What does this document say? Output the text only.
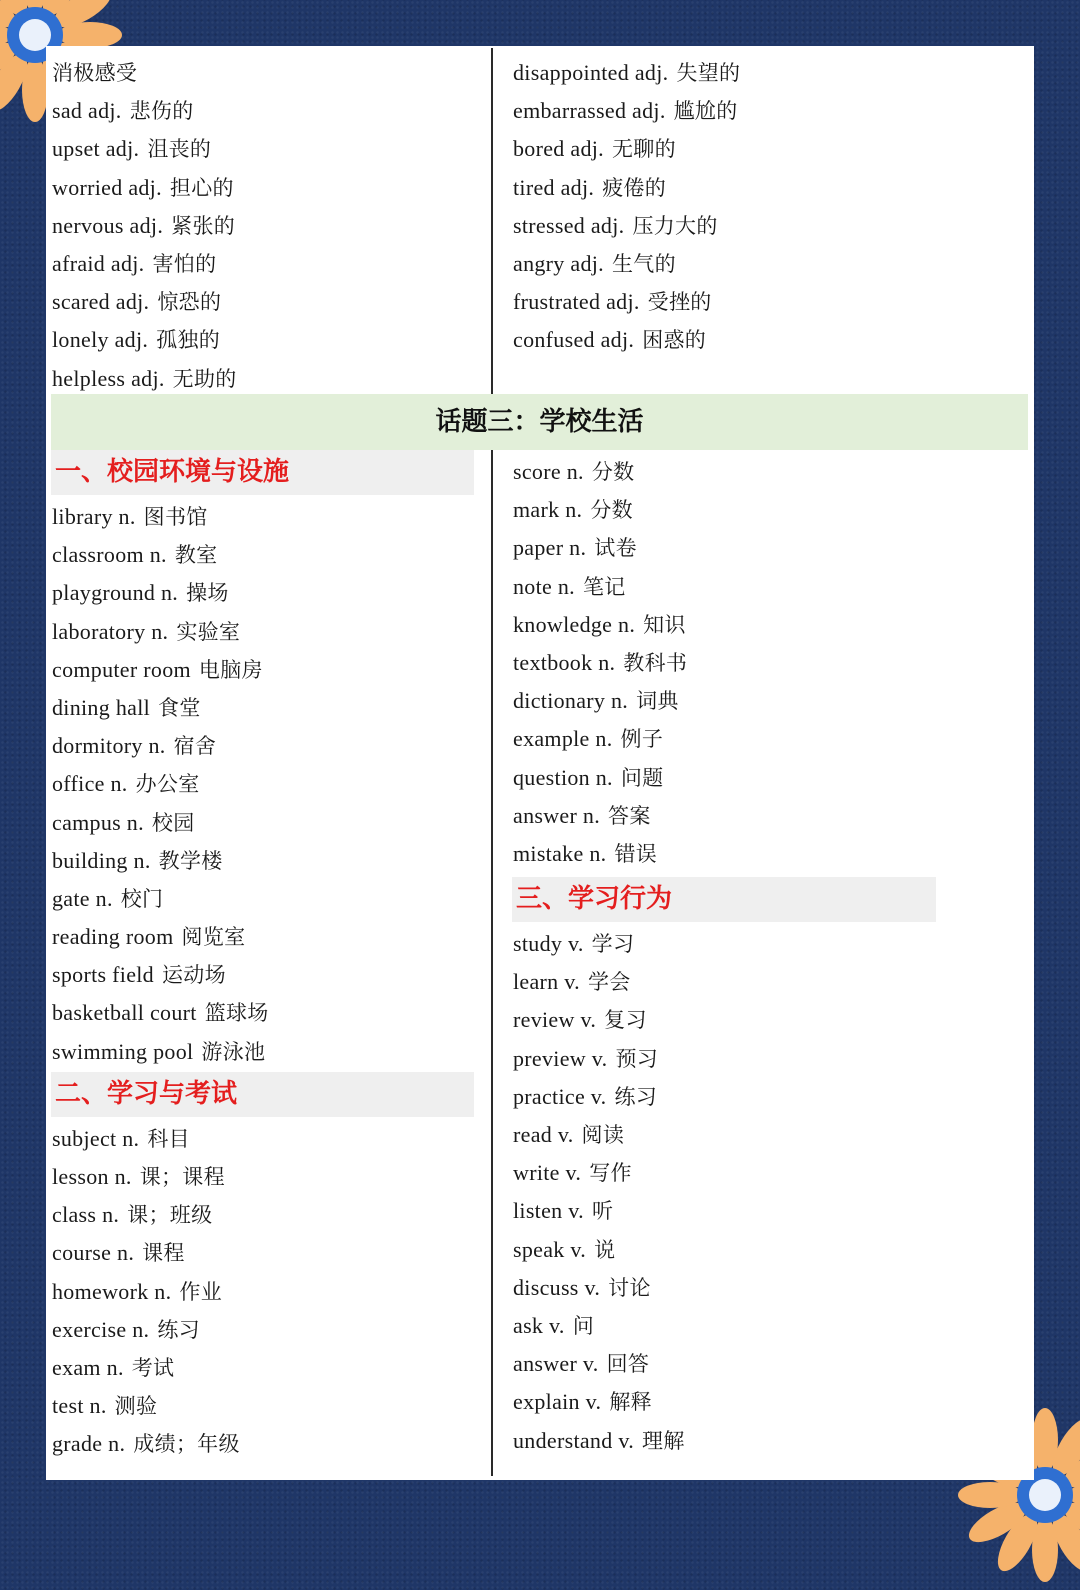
消极感受
sad adj. 悲伤的
upset adj. 沮丧的
worried adj. 担心的
nervous adj. 紧张的
afraid adj. 害怕的
scared adj. 惊恐的
lonely adj. 孤独的
helpless adj. 无助的
disappointed adj. 失望的
embarrassed adj. 尴尬的
bored adj. 无聊的
tired adj. 疲倦的
stressed adj. 压力大的
angry adj. 生气的
frustrated adj. 受挫的
confused adj. 困惑的
话题三：学校生活
一、校园环境与设施
library n. 图书馆
classroom n. 教室
playground n. 操场
laboratory n. 实验室
computer room 电脑房
dining hall 食堂
dormitory n. 宿舍
office n. 办公室
campus n. 校园
building n. 教学楼
gate n. 校门
reading room 阅览室
sports field 运动场
basketball court 篮球场
swimming pool 游泳池
二、学习与考试
subject n. 科目
lesson n. 课；课程
class n. 课；班级
course n. 课程
homework n. 作业
exercise n. 练习
exam n. 考试
test n. 测验
grade n. 成绩；年级
score n. 分数
mark n. 分数
paper n. 试卷
note n. 笔记
knowledge n. 知识
textbook n. 教科书
dictionary n. 词典
example n. 例子
question n. 问题
answer n. 答案
mistake n. 错误
三、学习行为
study v. 学习
learn v. 学会
review v. 复习
preview v. 预习
practice v. 练习
read v. 阅读
write v. 写作
listen v. 听
speak v. 说
discuss v. 讨论
ask v. 问
answer v. 回答
explain v. 解释
understand v. 理解
